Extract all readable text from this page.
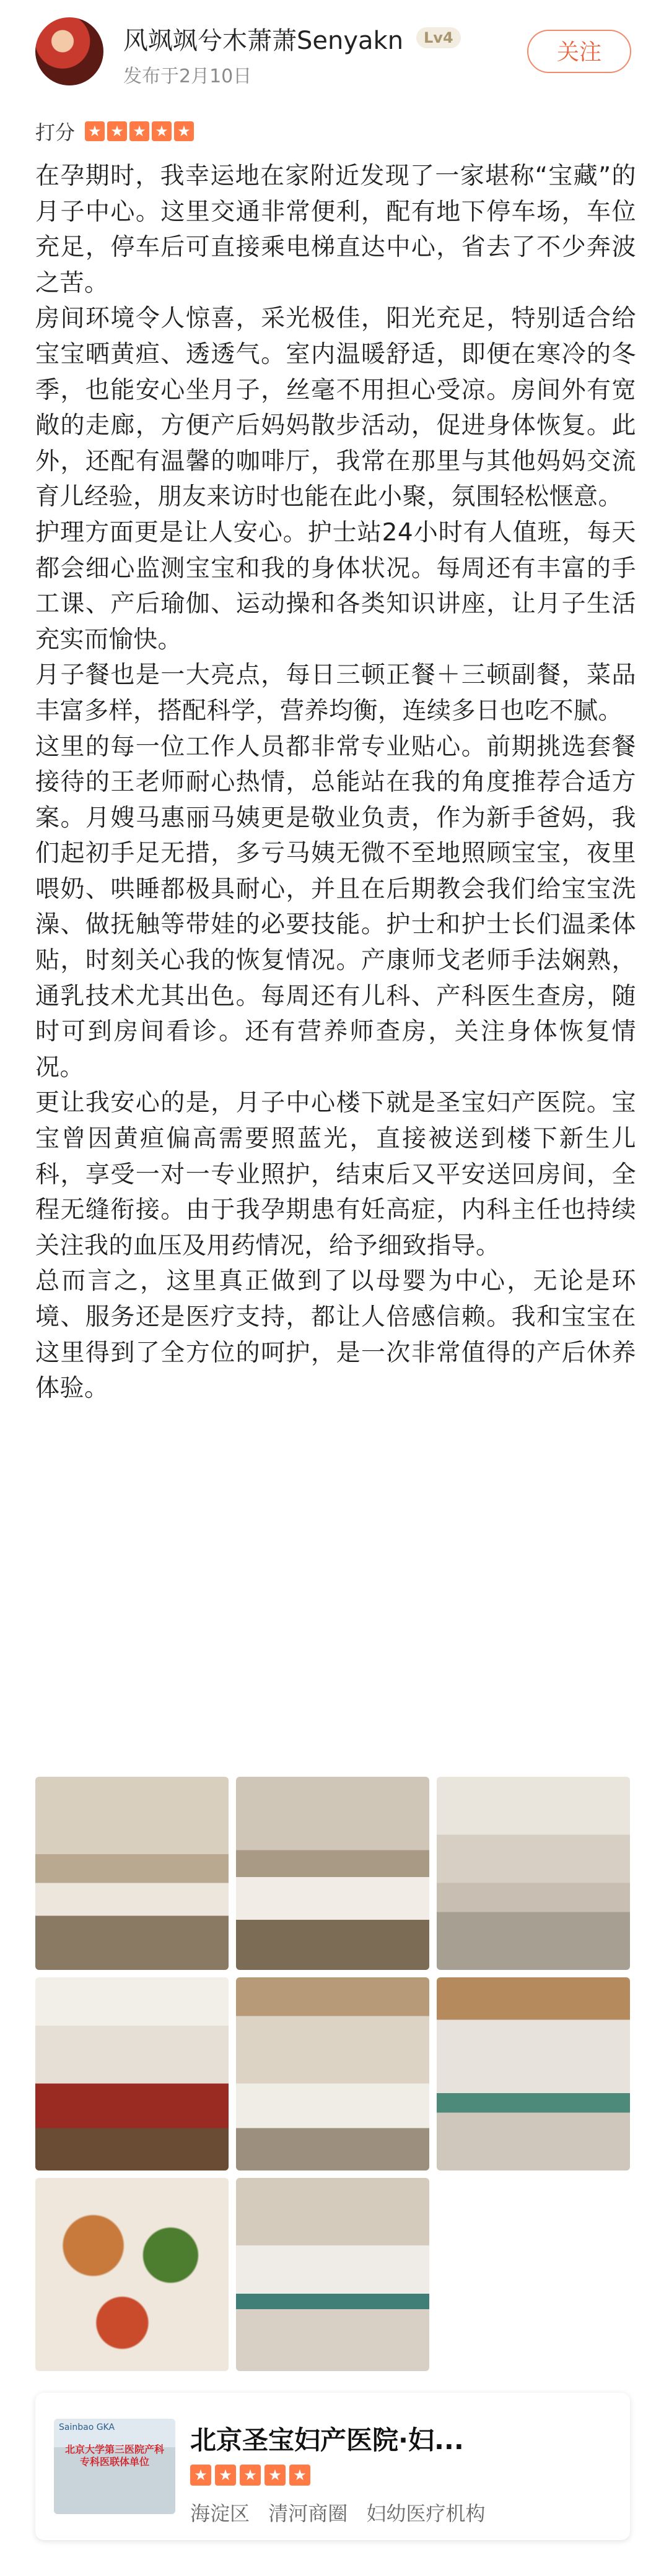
风飒飒兮木萧萧Senyakn	Lv4
发布于2月10日
关注
打分 ★ ★ ★ ★ ★

在孕期时，我幸运地在家附近发现了一家堪称“宝藏”的月子中心。这里交通非常便利，配有地下停车场，车位充足，停车后可直接乘电梯直达中心，省去了不少奔波之苦。

房间环境令人惊喜，采光极佳，阳光充足，特别适合给宝宝晒黄疸、透透气。室内温暖舒适，即便在寒冷的冬季，也能安心坐月子，丝毫不用担心受凉。房间外有宽敞的走廊，方便产后妈妈散步活动，促进身体恢复。此外，还配有温馨的咖啡厅，我常在那里与其他妈妈交流育儿经验，朋友来访时也能在此小聚，氛围轻松惬意。

护理方面更是让人安心。护士站24小时有人值班，每天都会细心监测宝宝和我的身体状况。每周还有丰富的手工课、产后瑜伽、运动操和各类知识讲座，让月子生活充实而愉快。

月子餐也是一大亮点，每日三顿正餐＋三顿副餐，菜品丰富多样，搭配科学，营养均衡，连续多日也吃不腻。

这里的每一位工作人员都非常专业贴心。前期挑选套餐接待的王老师耐心热情，总能站在我的角度推荐合适方案。月嫂马惠丽马姨更是敬业负责，作为新手爸妈，我们起初手足无措，多亏马姨无微不至地照顾宝宝，夜里喂奶、哄睡都极具耐心，并且在后期教会我们给宝宝洗澡、做抚触等带娃的必要技能。护士和护士长们温柔体贴，时刻关心我的恢复情况。产康师戈老师手法娴熟，通乳技术尤其出色。每周还有儿科、产科医生查房，随时可到房间看诊。还有营养师查房，关注身体恢复情况。

更让我安心的是，月子中心楼下就是圣宝妇产医院。宝宝曾因黄疸偏高需要照蓝光，直接被送到楼下新生儿科，享受一对一专业照护，结束后又平安送回房间，全程无缝衔接。由于我孕期患有妊高症，内科主任也持续关注我的血压及用药情况，给予细致指导。

总而言之，这里真正做到了以母婴为中心，无论是环境、服务还是医疗支持，都让人倍感信赖。我和宝宝在这里得到了全方位的呵护，是一次非常值得的产后休养体验。

Sainbao GKA
北京大学第三医院产科专科医联体单位
北京圣宝妇产医院·妇...
★ ★ ★ ★ ★
海淀区 清河商圈 妇幼医疗机构
